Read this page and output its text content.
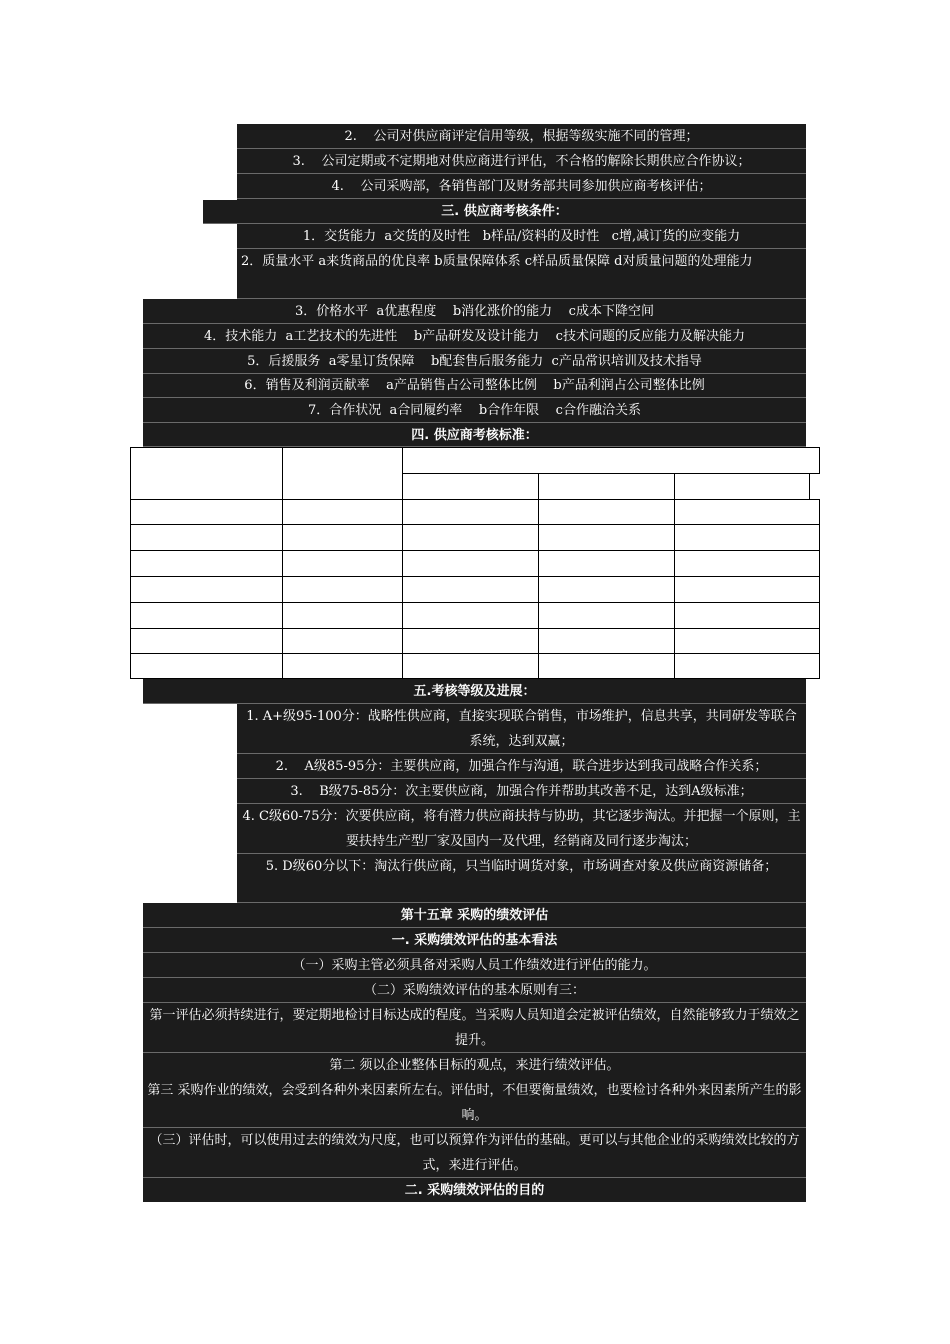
2.    公司对供应商评定信用等级，根据等级实施不同的管理；
3.    公司定期或不定期地对供应商进行评估，不合格的解除长期供应合作协议；
4.    公司采购部，各销售部门及财务部共同参加供应商考核评估；
三. 供应商考核条件：
1．交货能力  a交货的及时性   b样品/资料的及时性   c增,减订货的应变能力
2．质量水平 a来货商品的优良率 b质量保障体系 c样品质量保障 d对质量问题的处理能力
3．价格水平  a优惠程度    b消化涨价的能力    c成本下降空间
4．技术能力  a工艺技术的先进性    b产品研发及设计能力    c技术问题的反应能力及解决能力
5．后援服务  a零星订货保障    b配套售后服务能力  c产品常识培训及技术指导
6．销售及利润贡献率    a产品销售占公司整体比例    b产品利润占公司整体比例
7．合作状况  a合同履约率    b合作年限    c合作融洽关系
四. 供应商考核标准：
五.考核等级及进展：
1. A+级95-100分：战略性供应商，直接实现联合销售，市场维护，信息共享，共同研发等联合系统，达到双赢；
2.    A级85-95分：主要供应商，加强合作与沟通，联合进步达到我司战略合作关系；
3.    B级75-85分：次主要供应商，加强合作并帮助其改善不足，达到A级标准；
4. C级60-75分：次要供应商，将有潜力供应商扶持与协助，其它逐步淘汰。并把握一个原则，主要扶持生产型厂家及国内一及代理，经销商及同行逐步淘汰；
5. D级60分以下：淘汰行供应商，只当临时调货对象，市场调查对象及供应商资源储备；
第十五章 采购的绩效评估
一. 采购绩效评估的基本看法
（一）采购主管必须具备对采购人员工作绩效进行评估的能力。
（二）采购绩效评估的基本原则有三：
第一评估必须持续进行，要定期地检讨目标达成的程度。当采购人员知道会定被评估绩效，自然能够致力于绩效之提升。
第二 须以企业整体目标的观点，来进行绩效评估。
第三 采购作业的绩效，会受到各种外来因素所左右。评估时，不但要衡量绩效，也要检讨各种外来因素所产生的影响。
（三）评估时，可以使用过去的绩效为尺度，也可以预算作为评估的基础。更可以与其他企业的采购绩效比较的方式，来进行评估。
二. 采购绩效评估的目的
